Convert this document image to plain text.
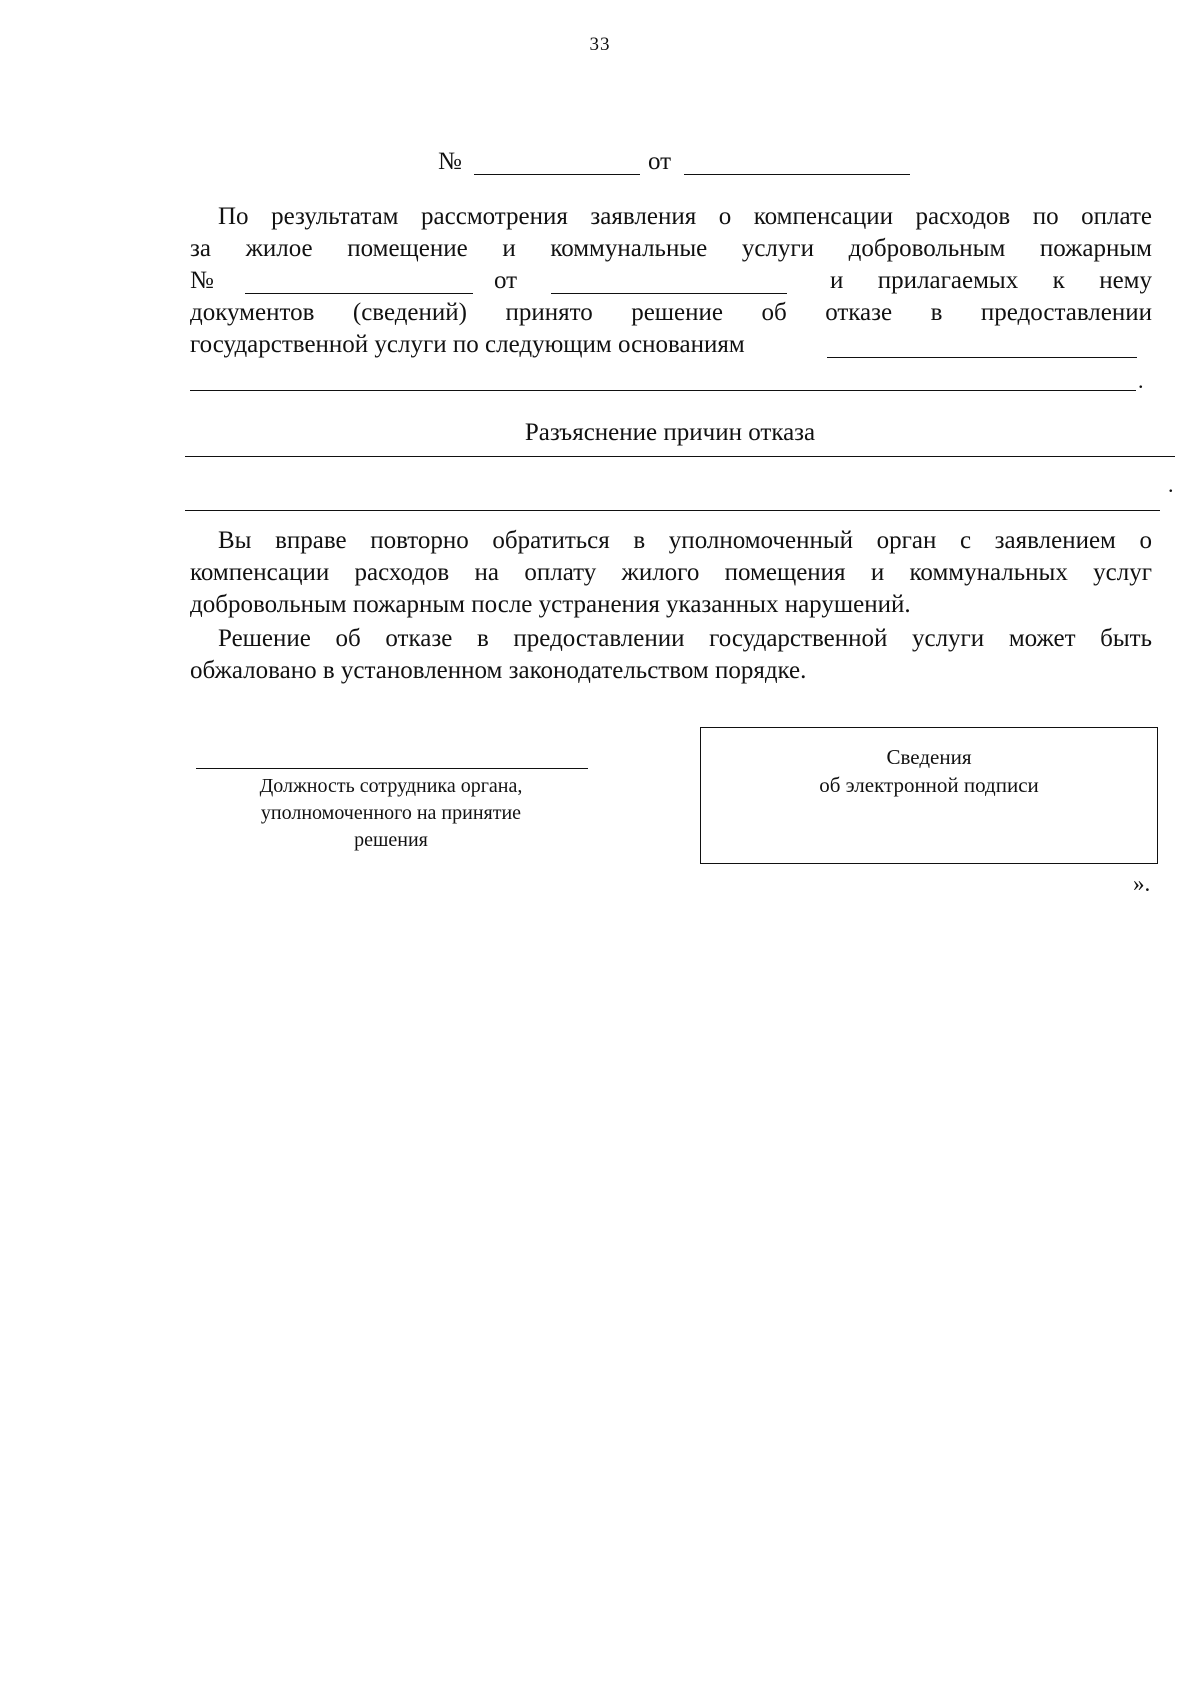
33
№	от
По результатам рассмотрения заявления о компенсации расходов по оплате
за жилое помещение и коммунальные услуги добровольным пожарным
№	от	и прилагаемых к нему
документов (сведений) принято решение об отказе в предоставлении
государственной услуги по следующим основаниям
.
Разъяснение причин отказа
.
Вы вправе повторно обратиться в уполномоченный орган с заявлением о
компенсации расходов на оплату жилого помещения и коммунальных услуг
добровольным пожарным после устранения указанных нарушений.
Решение об отказе в предоставлении государственной услуги может быть
обжаловано в установленном законодательством порядке.
Должность сотрудника органа,
уполномоченного на принятие
решения
Сведения
об электронной подписи
».
